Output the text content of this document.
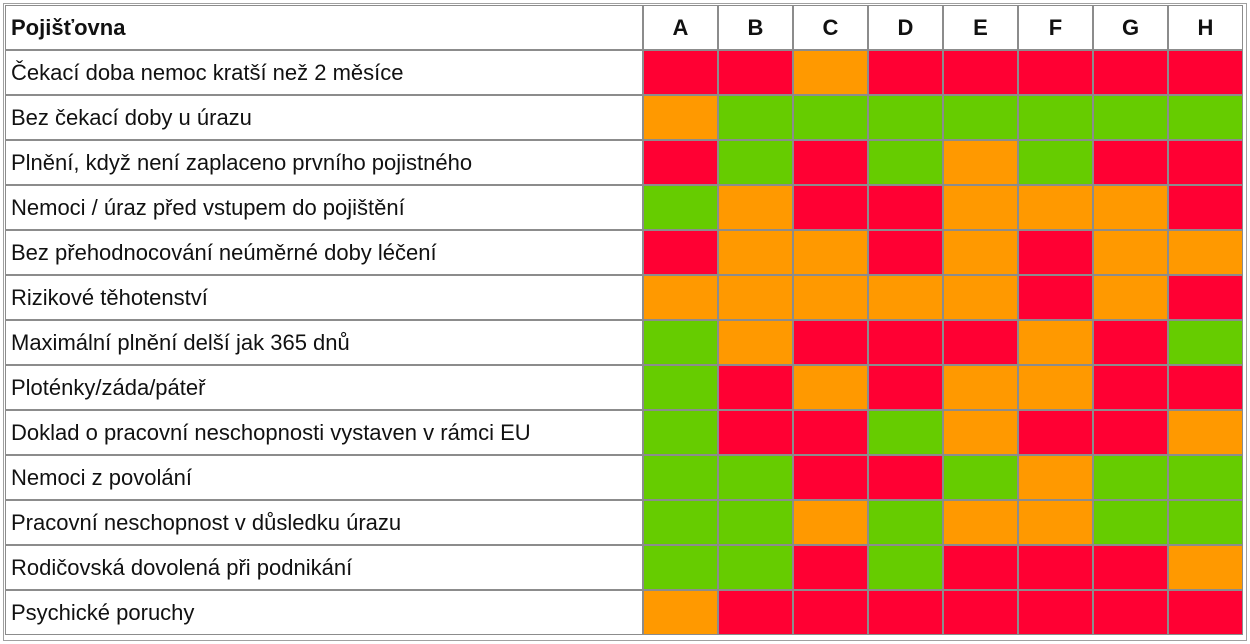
Pojišťovna	A	B	C	D	E	F	G	H
Čekací doba nemoc kratší než 2 měsíce
Bez čekací doby u úrazu
Plnění, když není zaplaceno prvního pojistného
Nemoci / úraz před vstupem do pojištění
Bez přehodnocování neúměrné doby léčení
Rizikové těhotenství
Maximální plnění delší jak 365 dnů
Ploténky/záda/páteř
Doklad o pracovní neschopnosti vystaven v rámci EU
Nemoci z povolání
Pracovní neschopnost v důsledku úrazu
Rodičovská dovolená při podnikání
Psychické poruchy
